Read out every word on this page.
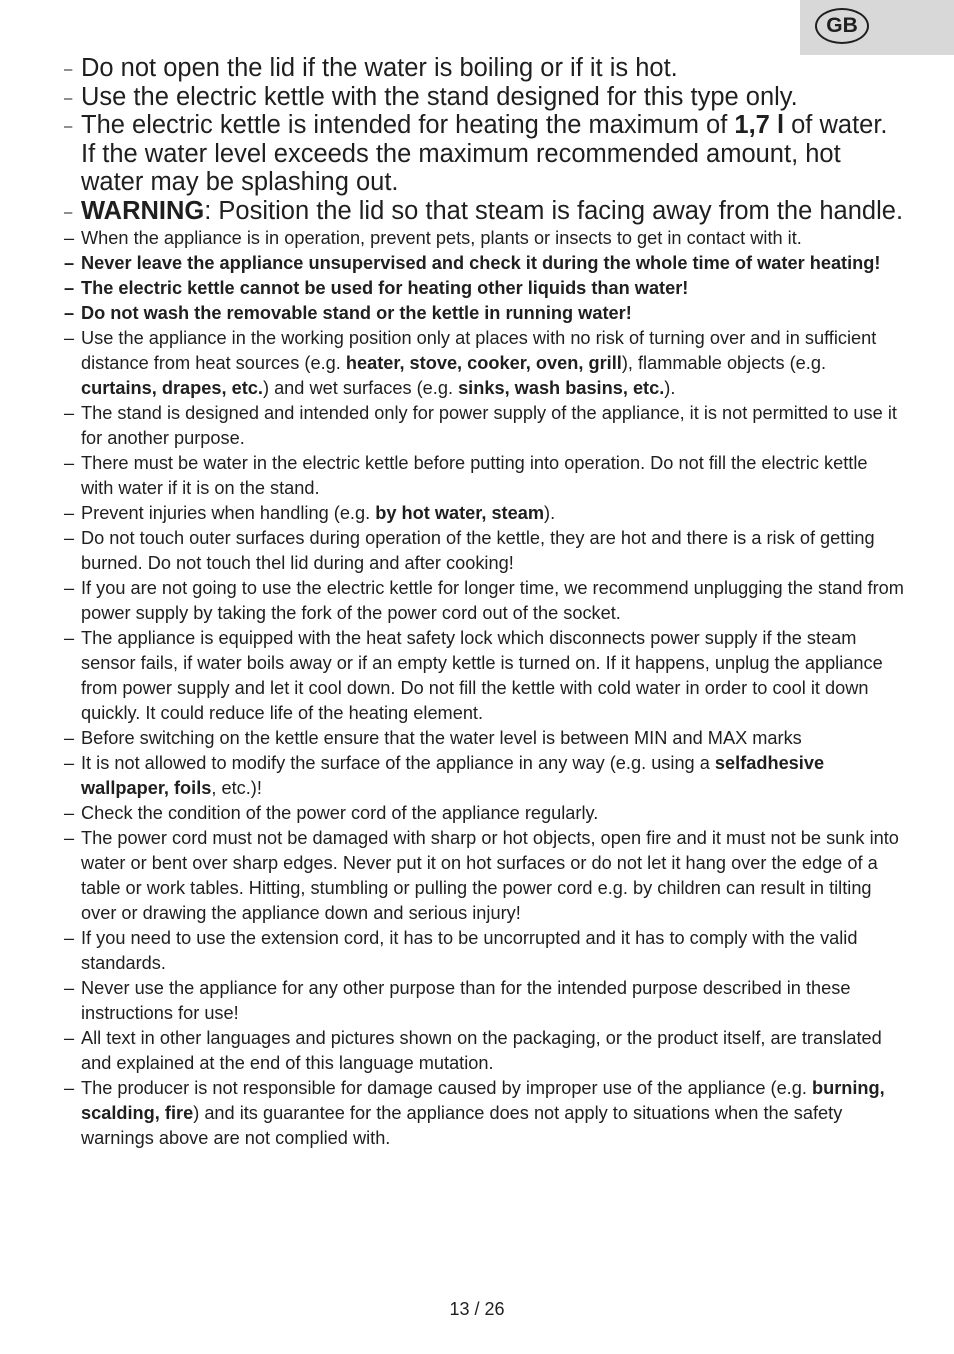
GB
– Do not open the lid if the water is boiling or if it is hot.
– Use the electric kettle with the stand designed for this type only.
– The electric kettle is intended for heating the maximum of 1,7 l of water. If the water level exceeds the maximum recommended amount, hot water may be splashing out.
– WARNING: Position the lid so that steam is facing away from the handle.
– When the appliance is in operation, prevent pets, plants or insects to get in contact with it.
– Never leave the appliance unsupervised and check it during the whole time of water heating!
– The electric kettle cannot be used for heating other liquids than water!
– Do not wash the removable stand or the kettle in running water!
– Use the appliance in the working position only at places with no risk of turning over and in sufficient distance from heat sources (e.g. heater, stove, cooker, oven, grill), flammable objects (e.g. curtains, drapes, etc.) and wet surfaces (e.g. sinks, wash basins, etc.).
– The stand is designed and intended only for power supply of the appliance, it is not permitted to use it for another purpose.
– There must be water in the electric kettle before putting into operation. Do not fill the electric kettle with water if it is on the stand.
– Prevent injuries when handling (e.g. by hot water, steam).
– Do not touch outer surfaces during operation of the kettle, they are hot and there is a risk of getting burned. Do not touch thel lid during and after cooking!
– If you are not going to use the electric kettle for longer time, we recommend unplugging the stand from power supply by taking the fork of the power cord out of the socket.
– The appliance is equipped with the heat safety lock which disconnects power supply if the steam sensor fails, if water boils away or if an empty kettle is turned on. If it happens, unplug the appliance from power supply and let it cool down. Do not fill the kettle with cold water in order to cool it down quickly. It could reduce life of the heating element.
– Before switching on the kettle ensure that the water level is between MIN and MAX marks
– It is not allowed to modify the surface of the appliance in any way (e.g. using a selfadhesive wallpaper, foils, etc.)!
– Check the condition of the power cord of the appliance regularly.
– The power cord must not be damaged with sharp or hot objects, open fire and it must not be sunk into water or bent over sharp edges. Never put it on hot surfaces or do not let it hang over the edge of a table or work tables. Hitting, stumbling or pulling the power cord e.g. by children can result in tilting over or drawing the appliance down and serious injury!
– If you need to use the extension cord, it has to be uncorrupted and it has to comply with the valid standards.
– Never use the appliance for any other purpose than for the intended purpose described in these instructions for use!
– All text in other languages and pictures shown on the packaging, or the product itself, are translated and explained at the end of this language mutation.
– The producer is not responsible for damage caused by improper use of the appliance (e.g. burning, scalding, fire) and its guarantee for the appliance does not apply to situations when the safety warnings above are not complied with.
13 / 26
